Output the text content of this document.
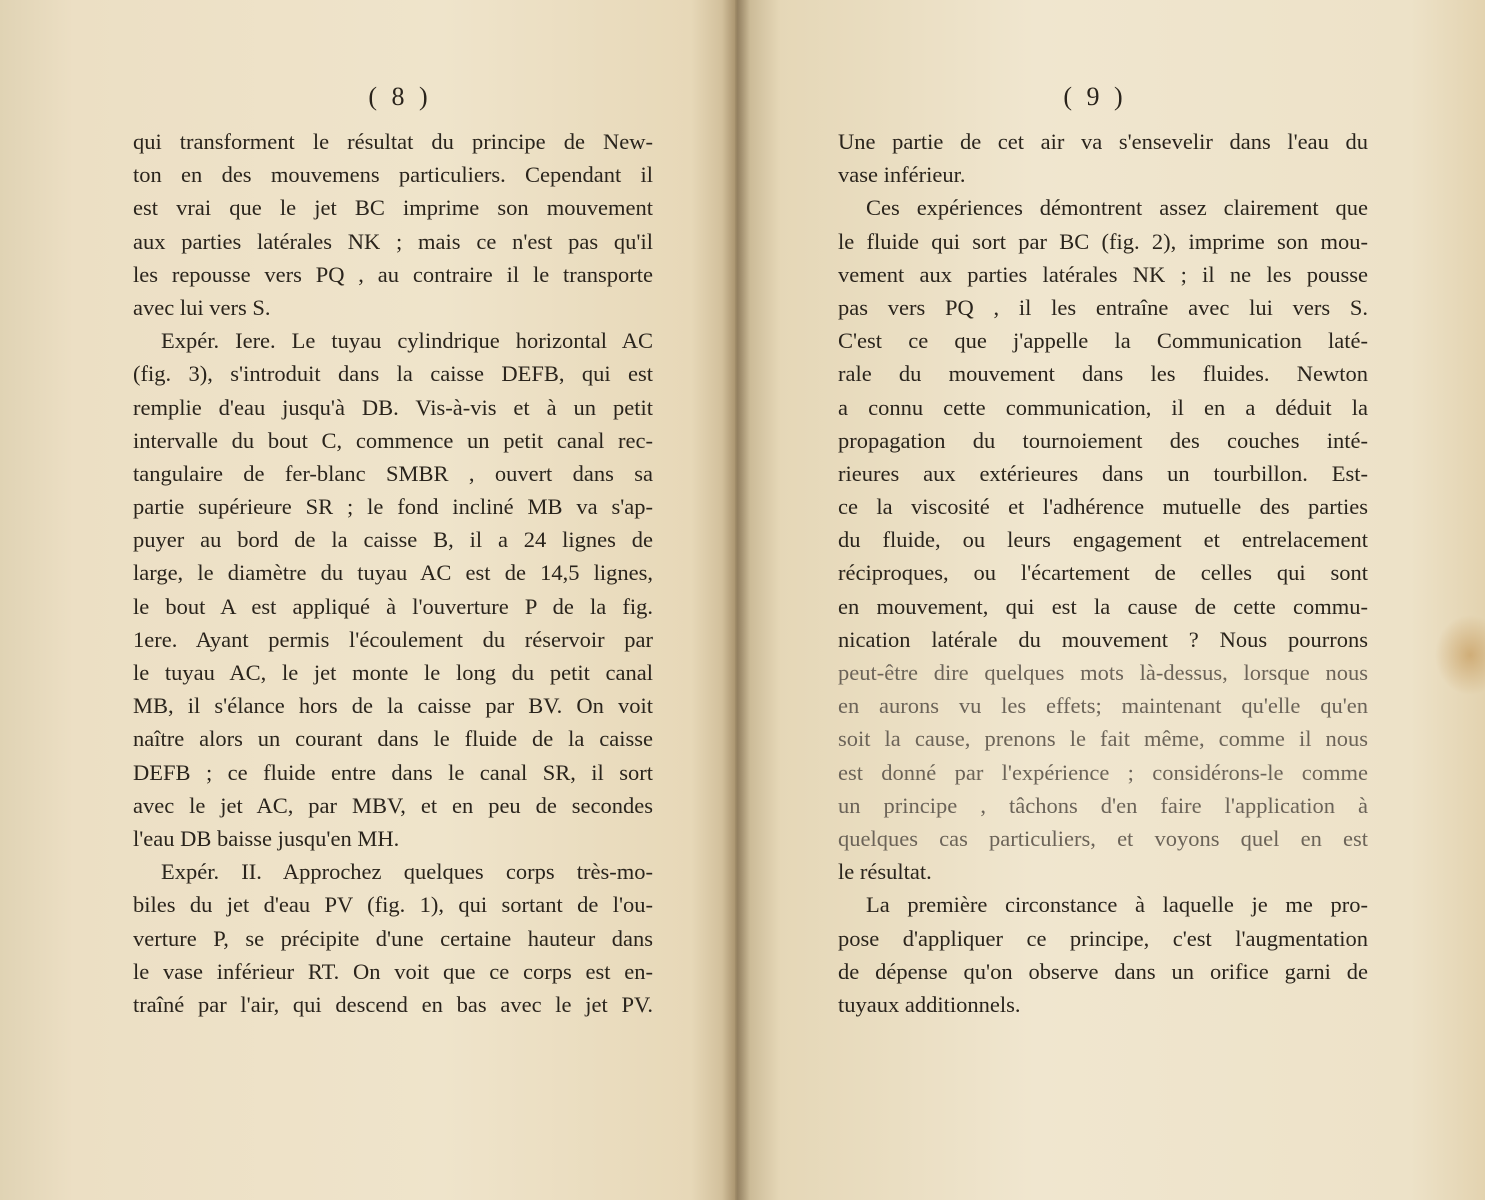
( 8 )
qui transforment le résultat du principe de New-
ton en des mouvemens particuliers. Cependant il
est vrai que le jet BC imprime son mouvement
aux parties latérales NK ; mais ce n'est pas qu'il
les repousse vers PQ , au contraire il le transporte
avec lui vers S.
Expér. Iere. Le tuyau cylindrique horizontal AC
(fig. 3), s'introduit dans la caisse DEFB, qui est
remplie d'eau jusqu'à DB. Vis-à-vis et à un petit
intervalle du bout C, commence un petit canal rec-
tangulaire de fer-blanc SMBR , ouvert dans sa
partie supérieure SR ; le fond incliné MB va s'ap-
puyer au bord de la caisse B, il a 24 lignes de
large, le diamètre du tuyau AC est de 14,5 lignes,
le bout A est appliqué à l'ouverture P de la fig.
1ere. Ayant permis l'écoulement du réservoir par
le tuyau AC, le jet monte le long du petit canal
MB, il s'élance hors de la caisse par BV. On voit
naître alors un courant dans le fluide de la caisse
DEFB ; ce fluide entre dans le canal SR, il sort
avec le jet AC, par MBV, et en peu de secondes
l'eau DB baisse jusqu'en MH.
Expér. II. Approchez quelques corps très-mo-
biles du jet d'eau PV (fig. 1), qui sortant de l'ou-
verture P, se précipite d'une certaine hauteur dans
le vase inférieur RT. On voit que ce corps est en-
traîné par l'air, qui descend en bas avec le jet PV.
( 9 )
Une partie de cet air va s'ensevelir dans l'eau du
vase inférieur.
Ces expériences démontrent assez clairement que
le fluide qui sort par BC (fig. 2), imprime son mou-
vement aux parties latérales NK ; il ne les pousse
pas vers PQ , il les entraîne avec lui vers S.
C'est ce que j'appelle la Communication laté-
rale du mouvement dans les fluides. Newton
a connu cette communication, il en a déduit la
propagation du tournoiement des couches inté-
rieures aux extérieures dans un tourbillon. Est-
ce la viscosité et l'adhérence mutuelle des parties
du fluide, ou leurs engagement et entrelacement
réciproques, ou l'écartement de celles qui sont
en mouvement, qui est la cause de cette commu-
nication latérale du mouvement ? Nous pourrons
peut-être dire quelques mots là-dessus, lorsque nous
en aurons vu les effets; maintenant qu'elle qu'en
soit la cause, prenons le fait même, comme il nous
est donné par l'expérience ; considérons-le comme
un principe , tâchons d'en faire l'application à
quelques cas particuliers, et voyons quel en est
le résultat.
La première circonstance à laquelle je me pro-
pose d'appliquer ce principe, c'est l'augmentation
de dépense qu'on observe dans un orifice garni de
tuyaux additionnels.
